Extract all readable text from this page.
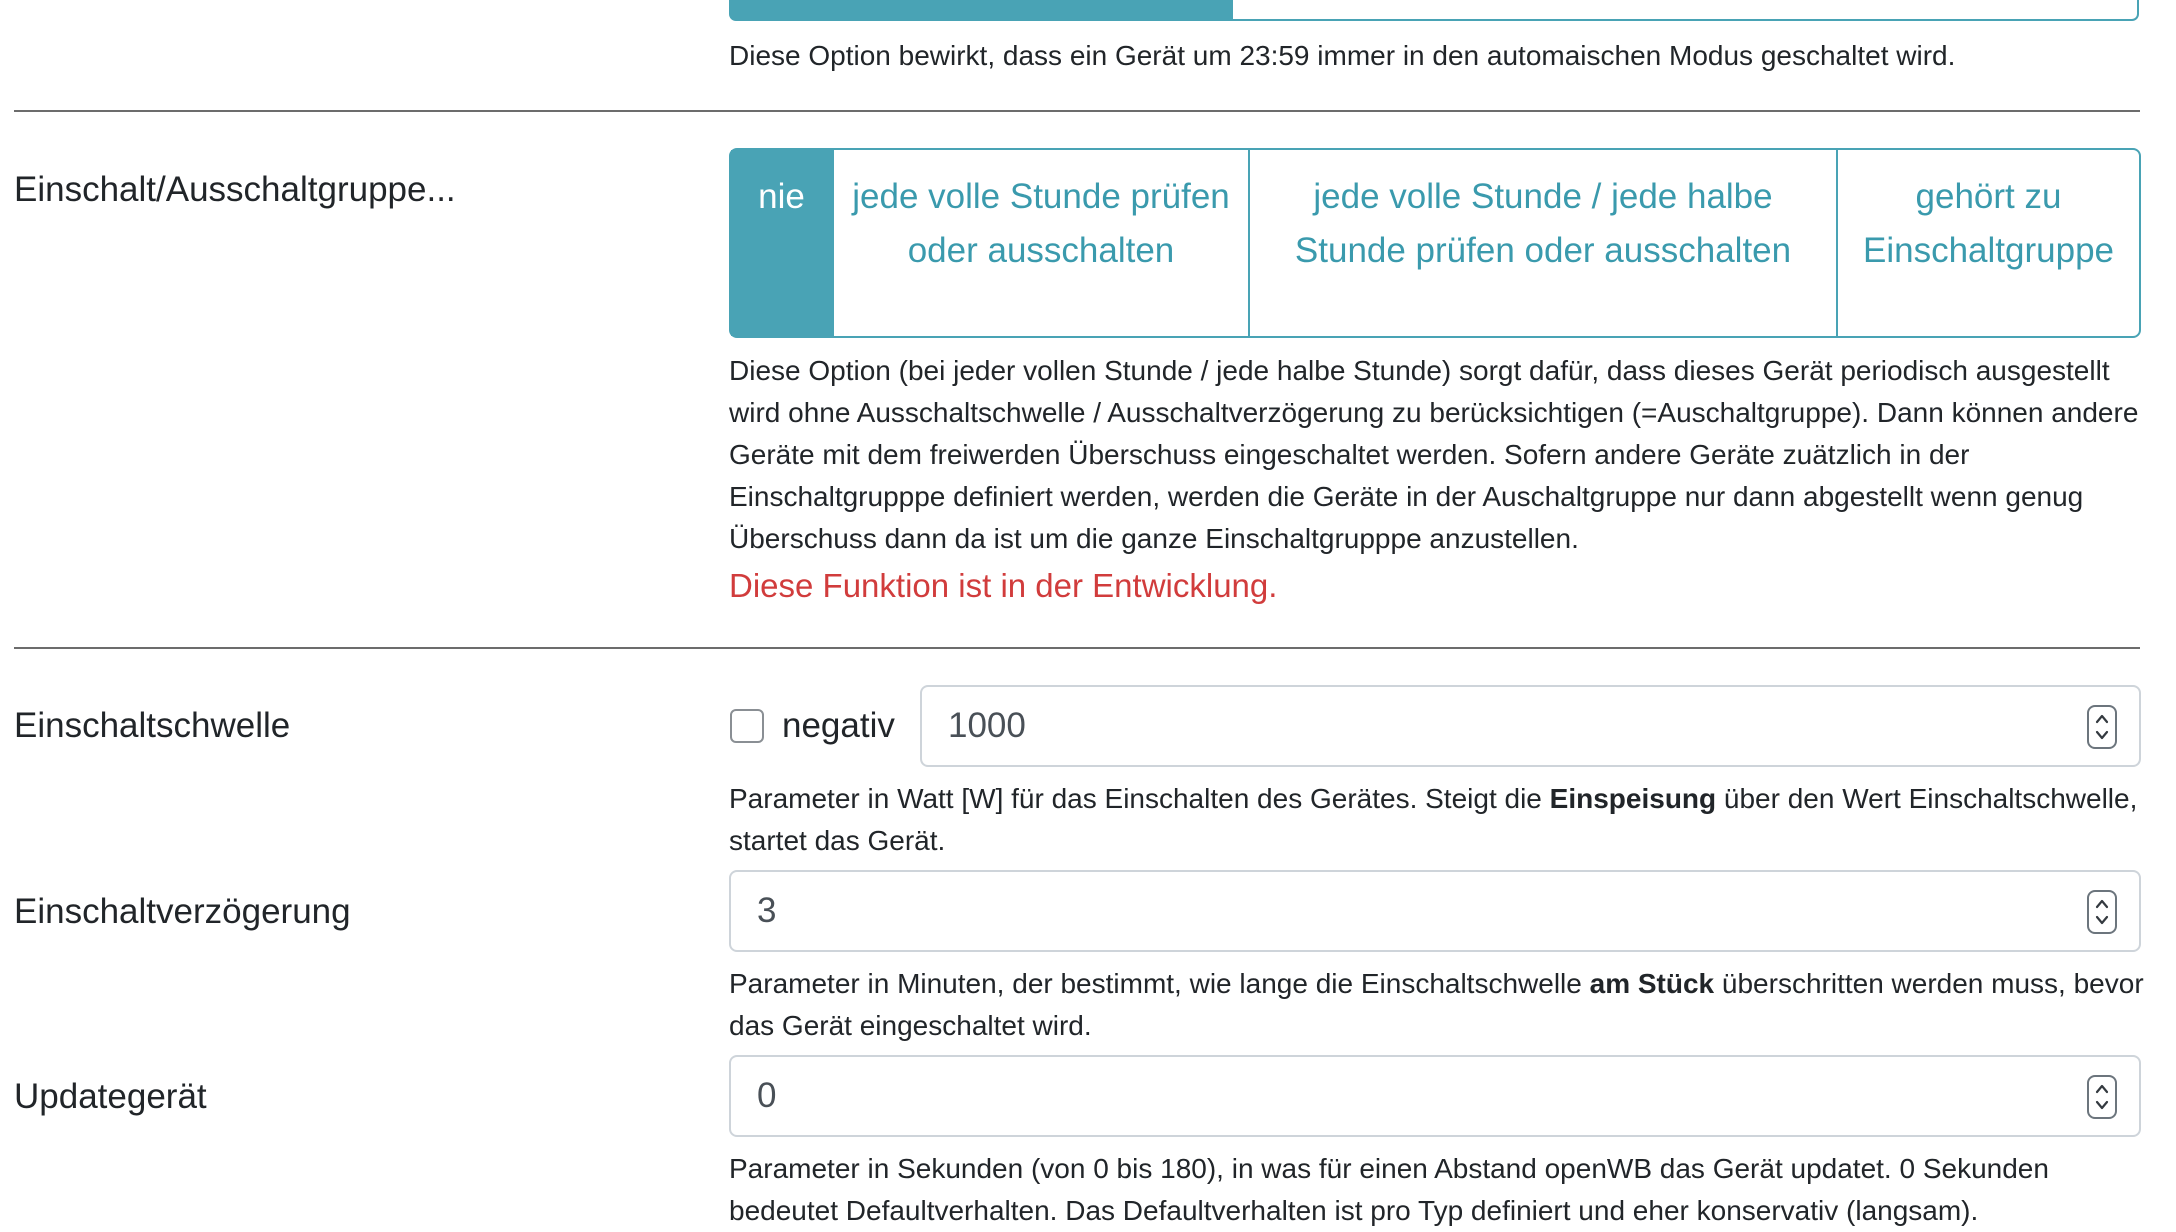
Diese Option bewirkt, dass ein Gerät um 23:59 immer in den automaischen Modus geschaltet wird.
Einschalt/Ausschaltgruppe...	nie	jede volle Stunde prüfen oder ausschalten
jede volle Stunde / jede halbe Stunde prüfen oder ausschalten
gehört zu Einschaltgruppe
Diese Option (bei jeder vollen Stunde / jede halbe Stunde) sorgt dafür, dass dieses Gerät periodisch ausgestellt wird ohne Ausschaltschwelle / Ausschaltverzögerung zu berücksichtigen (=Auschaltgruppe). Dann können andere Geräte mit dem freiwerden Überschuss eingeschaltet werden. Sofern andere Geräte zuätzlich in der Einschaltgrupppe definiert werden, werden die Geräte in der Auschaltgruppe nur dann abgestellt wenn genug Überschuss dann da ist um die ganze Einschaltgrupppe anzustellen.
Diese Funktion ist in der Entwicklung.
Einschaltschwelle	negativ 1000
Parameter in Watt [W] für das Einschalten des Gerätes. Steigt die Einspeisung über den Wert Einschaltschwelle, startet das Gerät.
Einschaltverzögerung	3
Parameter in Minuten, der bestimmt, wie lange die Einschaltschwelle am Stück überschritten werden muss, bevor das Gerät eingeschaltet wird.
Updategerät	0
Parameter in Sekunden (von 0 bis 180), in was für einen Abstand openWB das Gerät updatet. 0 Sekunden bedeutet Defaultverhalten. Das Defaultverhalten ist pro Typ definiert und eher konservativ (langsam).
